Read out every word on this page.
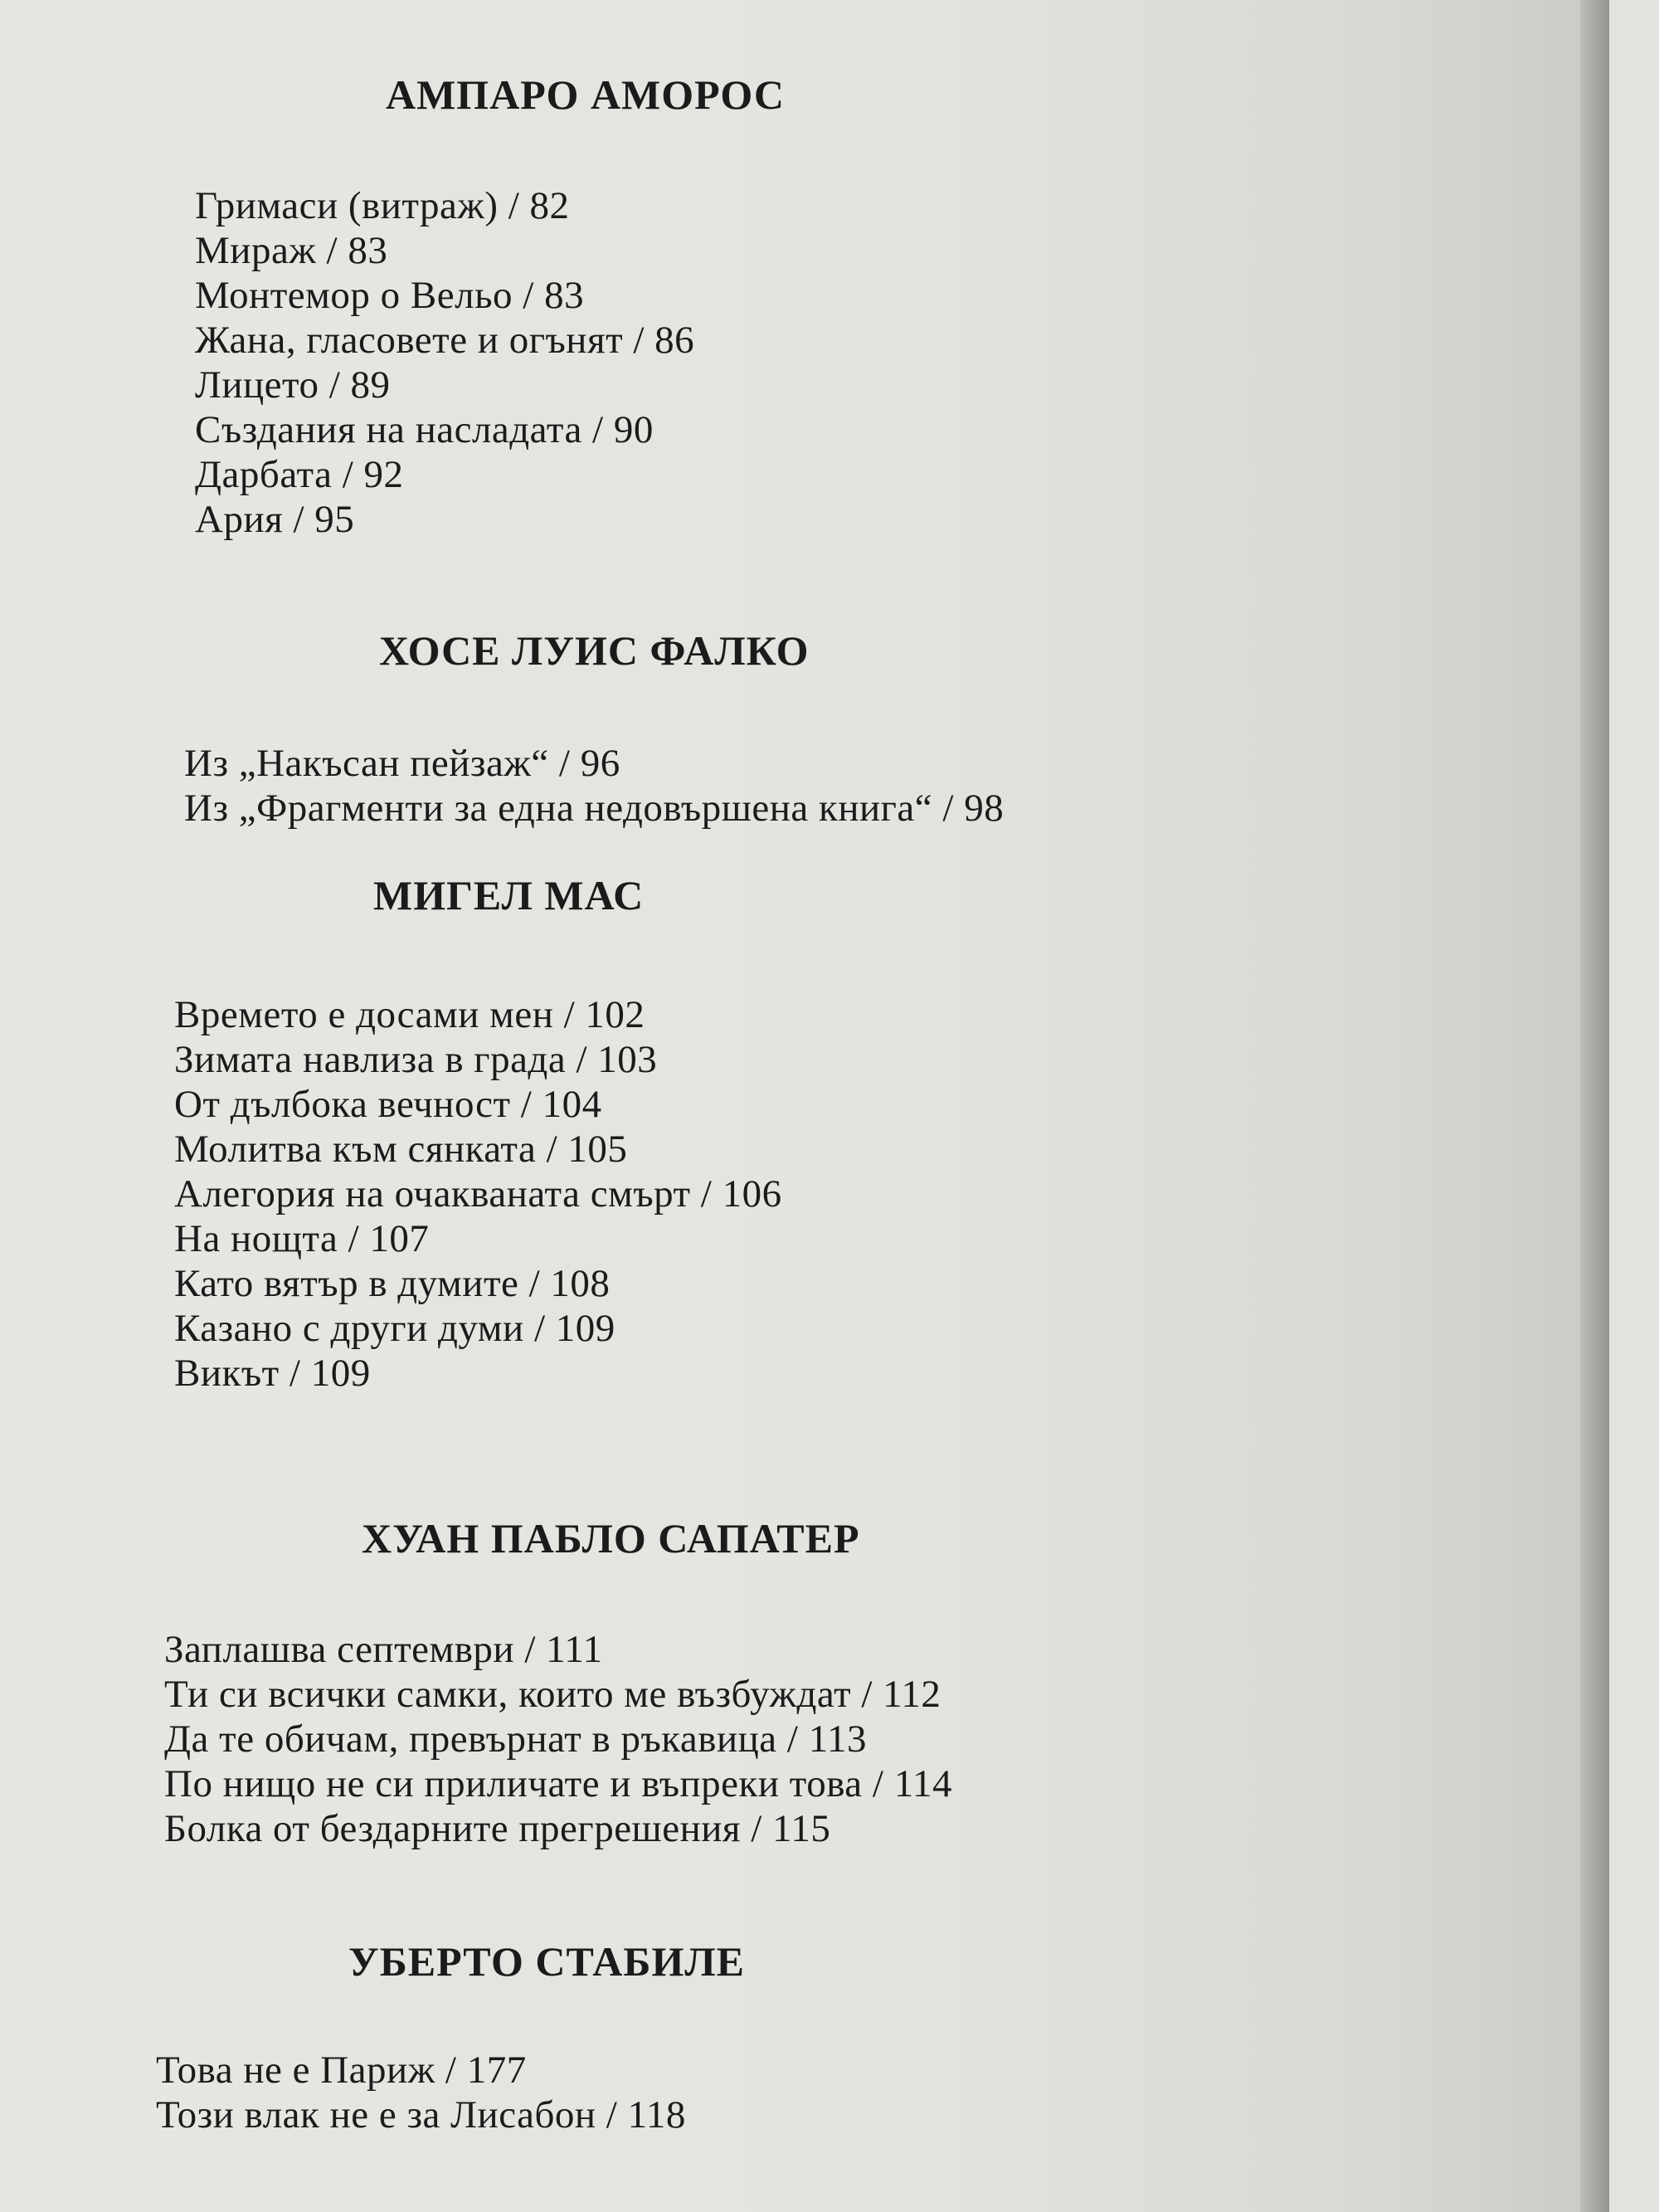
АМПАРО АМОРОС
Гримаси (витраж) / 82
Мираж / 83
Монтемор о Вельо / 83
Жана, гласовете и огънят / 86
Лицето / 89
Създания на насладата / 90
Дарбата / 92
Ария / 95
ХОСЕ ЛУИС ФАЛКО
Из „Накъсан пейзаж“ / 96
Из „Фрагменти за една недовършена книга“ / 98
МИГЕЛ МАС
Времето е досами мен / 102
Зимата навлиза в града / 103
От дълбока вечност / 104
Молитва към сянката / 105
Алегория на очакваната смърт / 106
На нощта / 107
Като вятър в думите / 108
Казано с други думи / 109
Викът / 109
ХУАН ПАБЛО САПАТЕР
Заплашва септември / 111
Ти си всички самки, които ме възбуждат / 112
Да те обичам, превърнат в ръкавица / 113
По нищо не си приличате и въпреки това / 114
Болка от бездарните прегрешения / 115
УБЕРТО СТАБИЛЕ
Това не е Париж / 177
Този влак не е за Лисабон / 118
